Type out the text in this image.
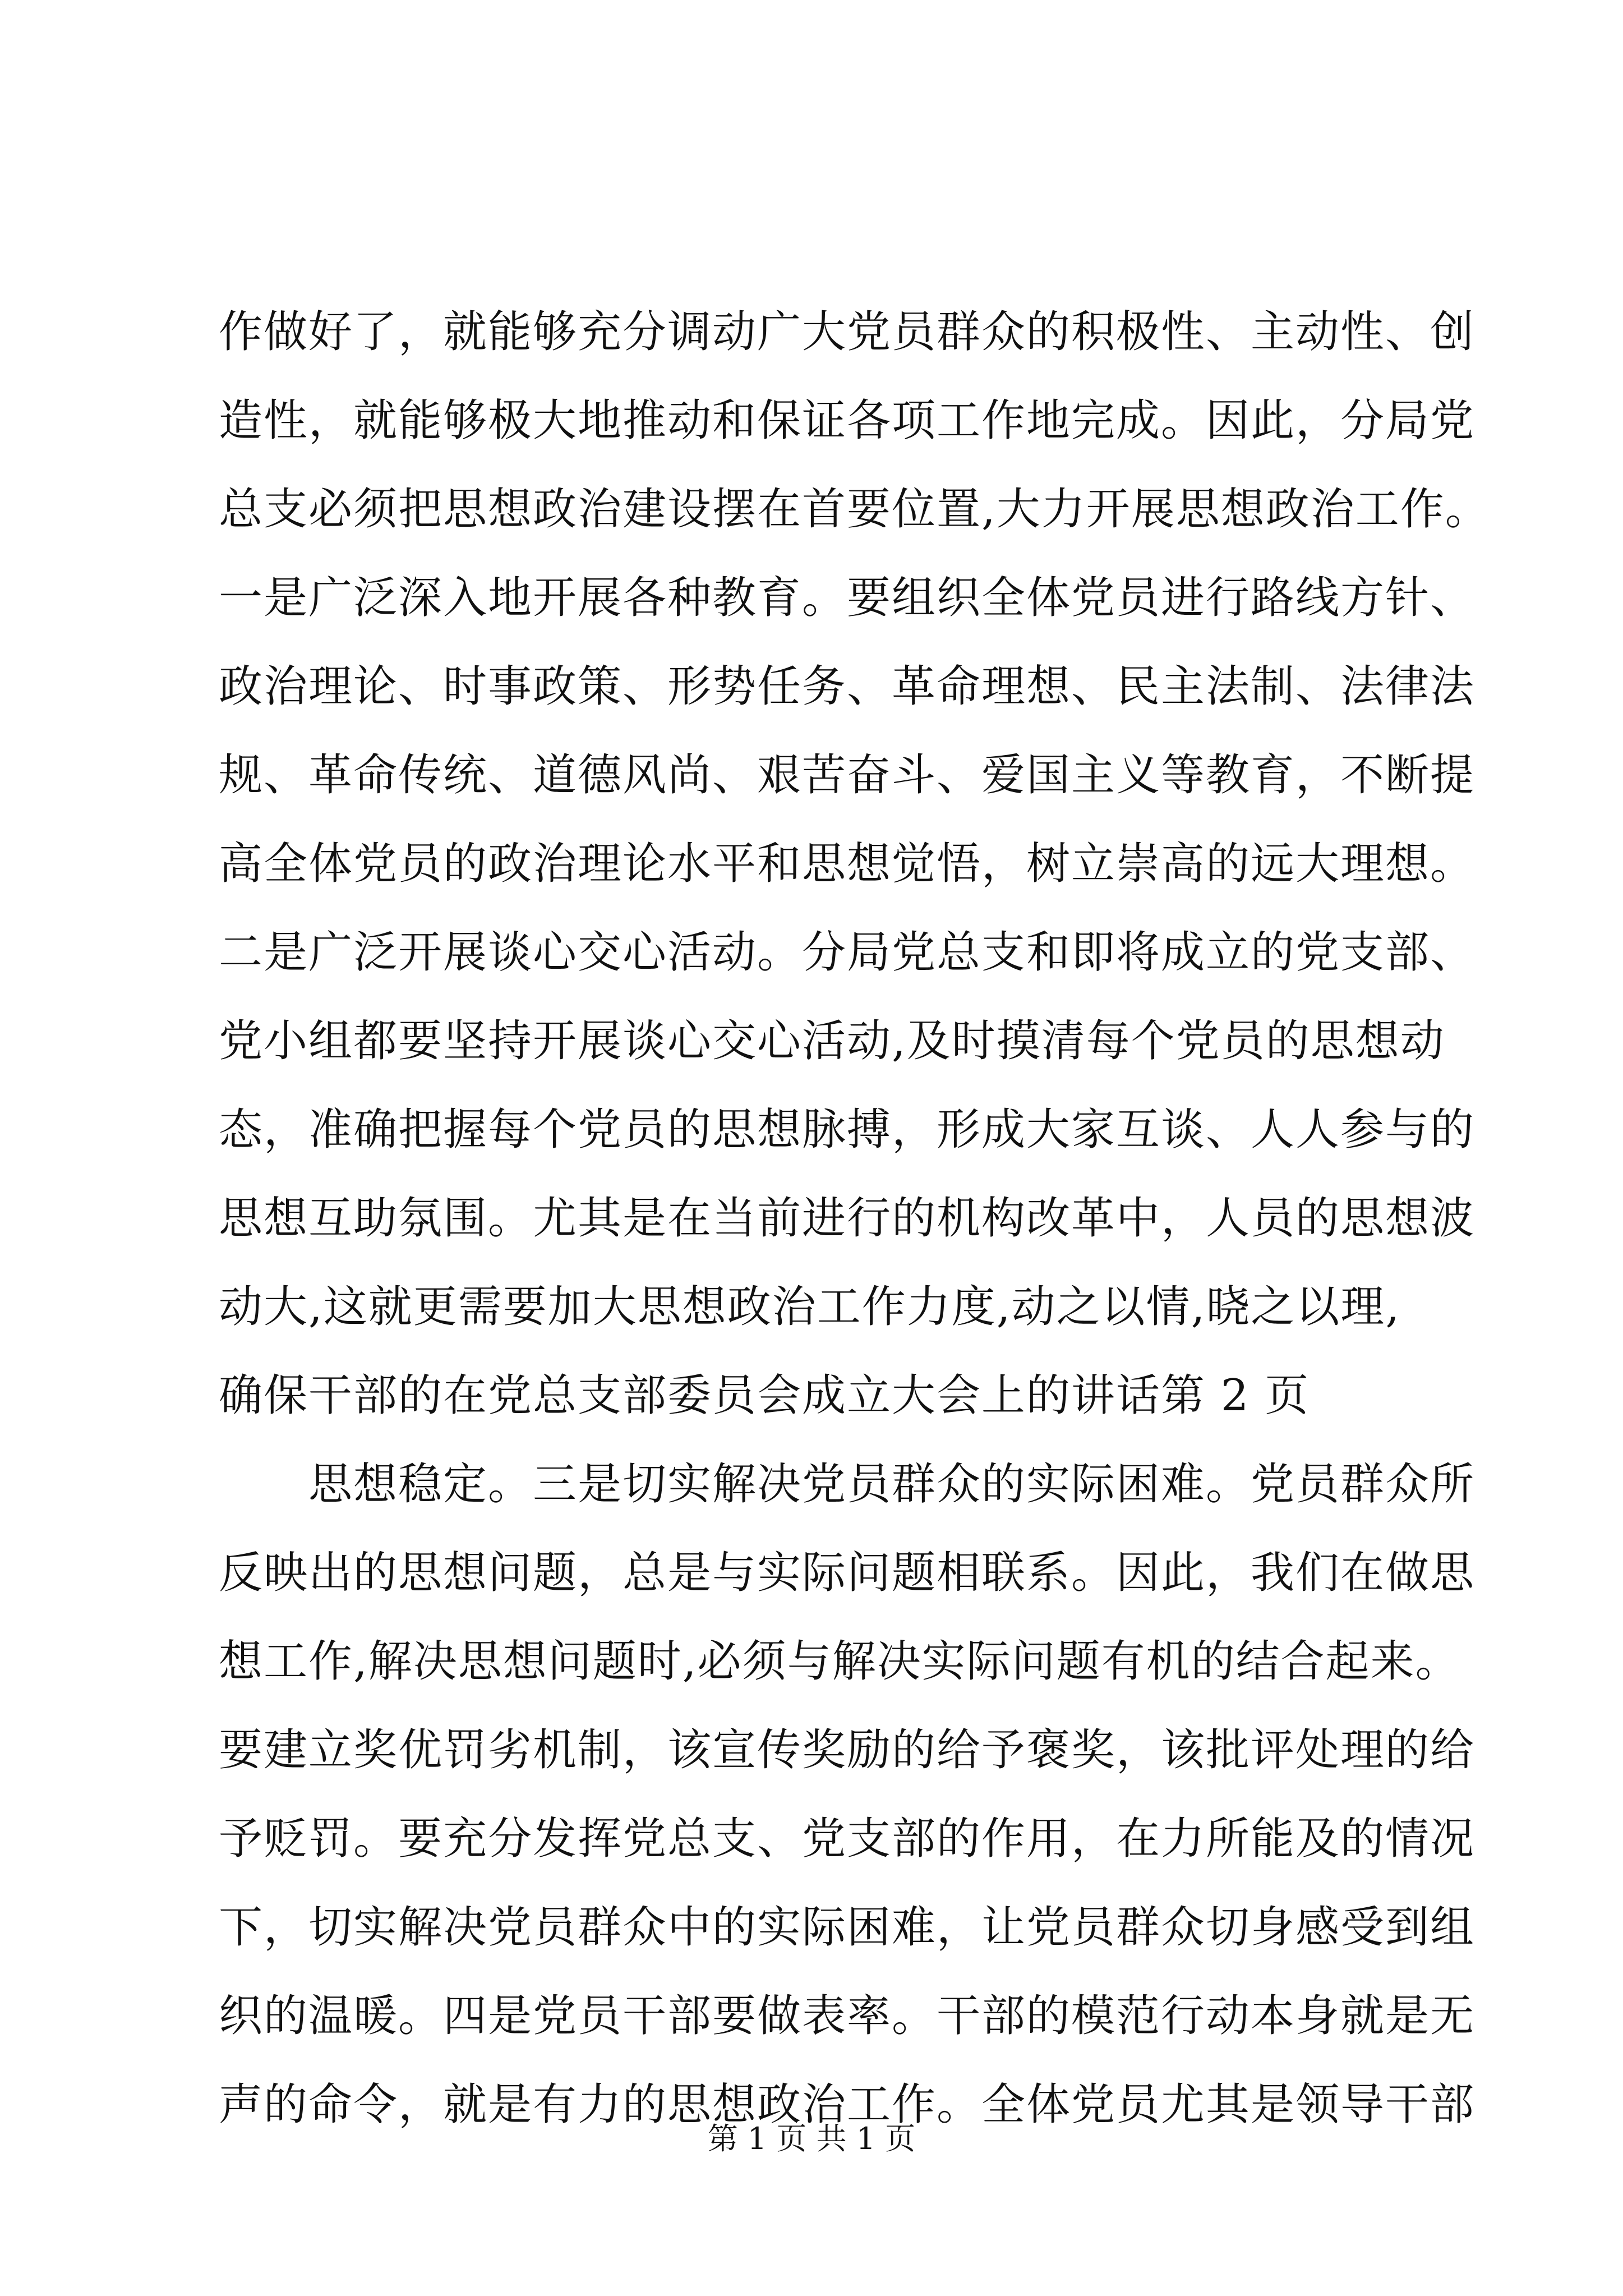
作做好了，就能够充分调动广大党员群众的积极性、主动性、创
造性，就能够极大地推动和保证各项工作地完成。因此，分局党
总支必须把思想政治建设摆在首要位置,大力开展思想政治工作。
一是广泛深入地开展各种教育。要组织全体党员进行路线方针、
政治理论、时事政策、形势任务、革命理想、民主法制、法律法
规、革命传统、道德风尚、艰苦奋斗、爱国主义等教育，不断提
高全体党员的政治理论水平和思想觉悟，树立崇高的远大理想。
二是广泛开展谈心交心活动。分局党总支和即将成立的党支部、
党小组都要坚持开展谈心交心活动,及时摸清每个党员的思想动
态，准确把握每个党员的思想脉搏，形成大家互谈、人人参与的
思想互助氛围。尤其是在当前进行的机构改革中，人员的思想波
动大,这就更需要加大思想政治工作力度,动之以情,晓之以理,
确保干部的在党总支部委员会成立大会上的讲话第 2 页
　　思想稳定。三是切实解决党员群众的实际困难。党员群众所
反映出的思想问题，总是与实际问题相联系。因此，我们在做思
想工作,解决思想问题时,必须与解决实际问题有机的结合起来。
要建立奖优罚劣机制，该宣传奖励的给予褒奖，该批评处理的给
予贬罚。要充分发挥党总支、党支部的作用，在力所能及的情况
下，切实解决党员群众中的实际困难，让党员群众切身感受到组
织的温暖。四是党员干部要做表率。干部的模范行动本身就是无
声的命令，就是有力的思想政治工作。全体党员尤其是领导干部
第 1 页 共 1 页
